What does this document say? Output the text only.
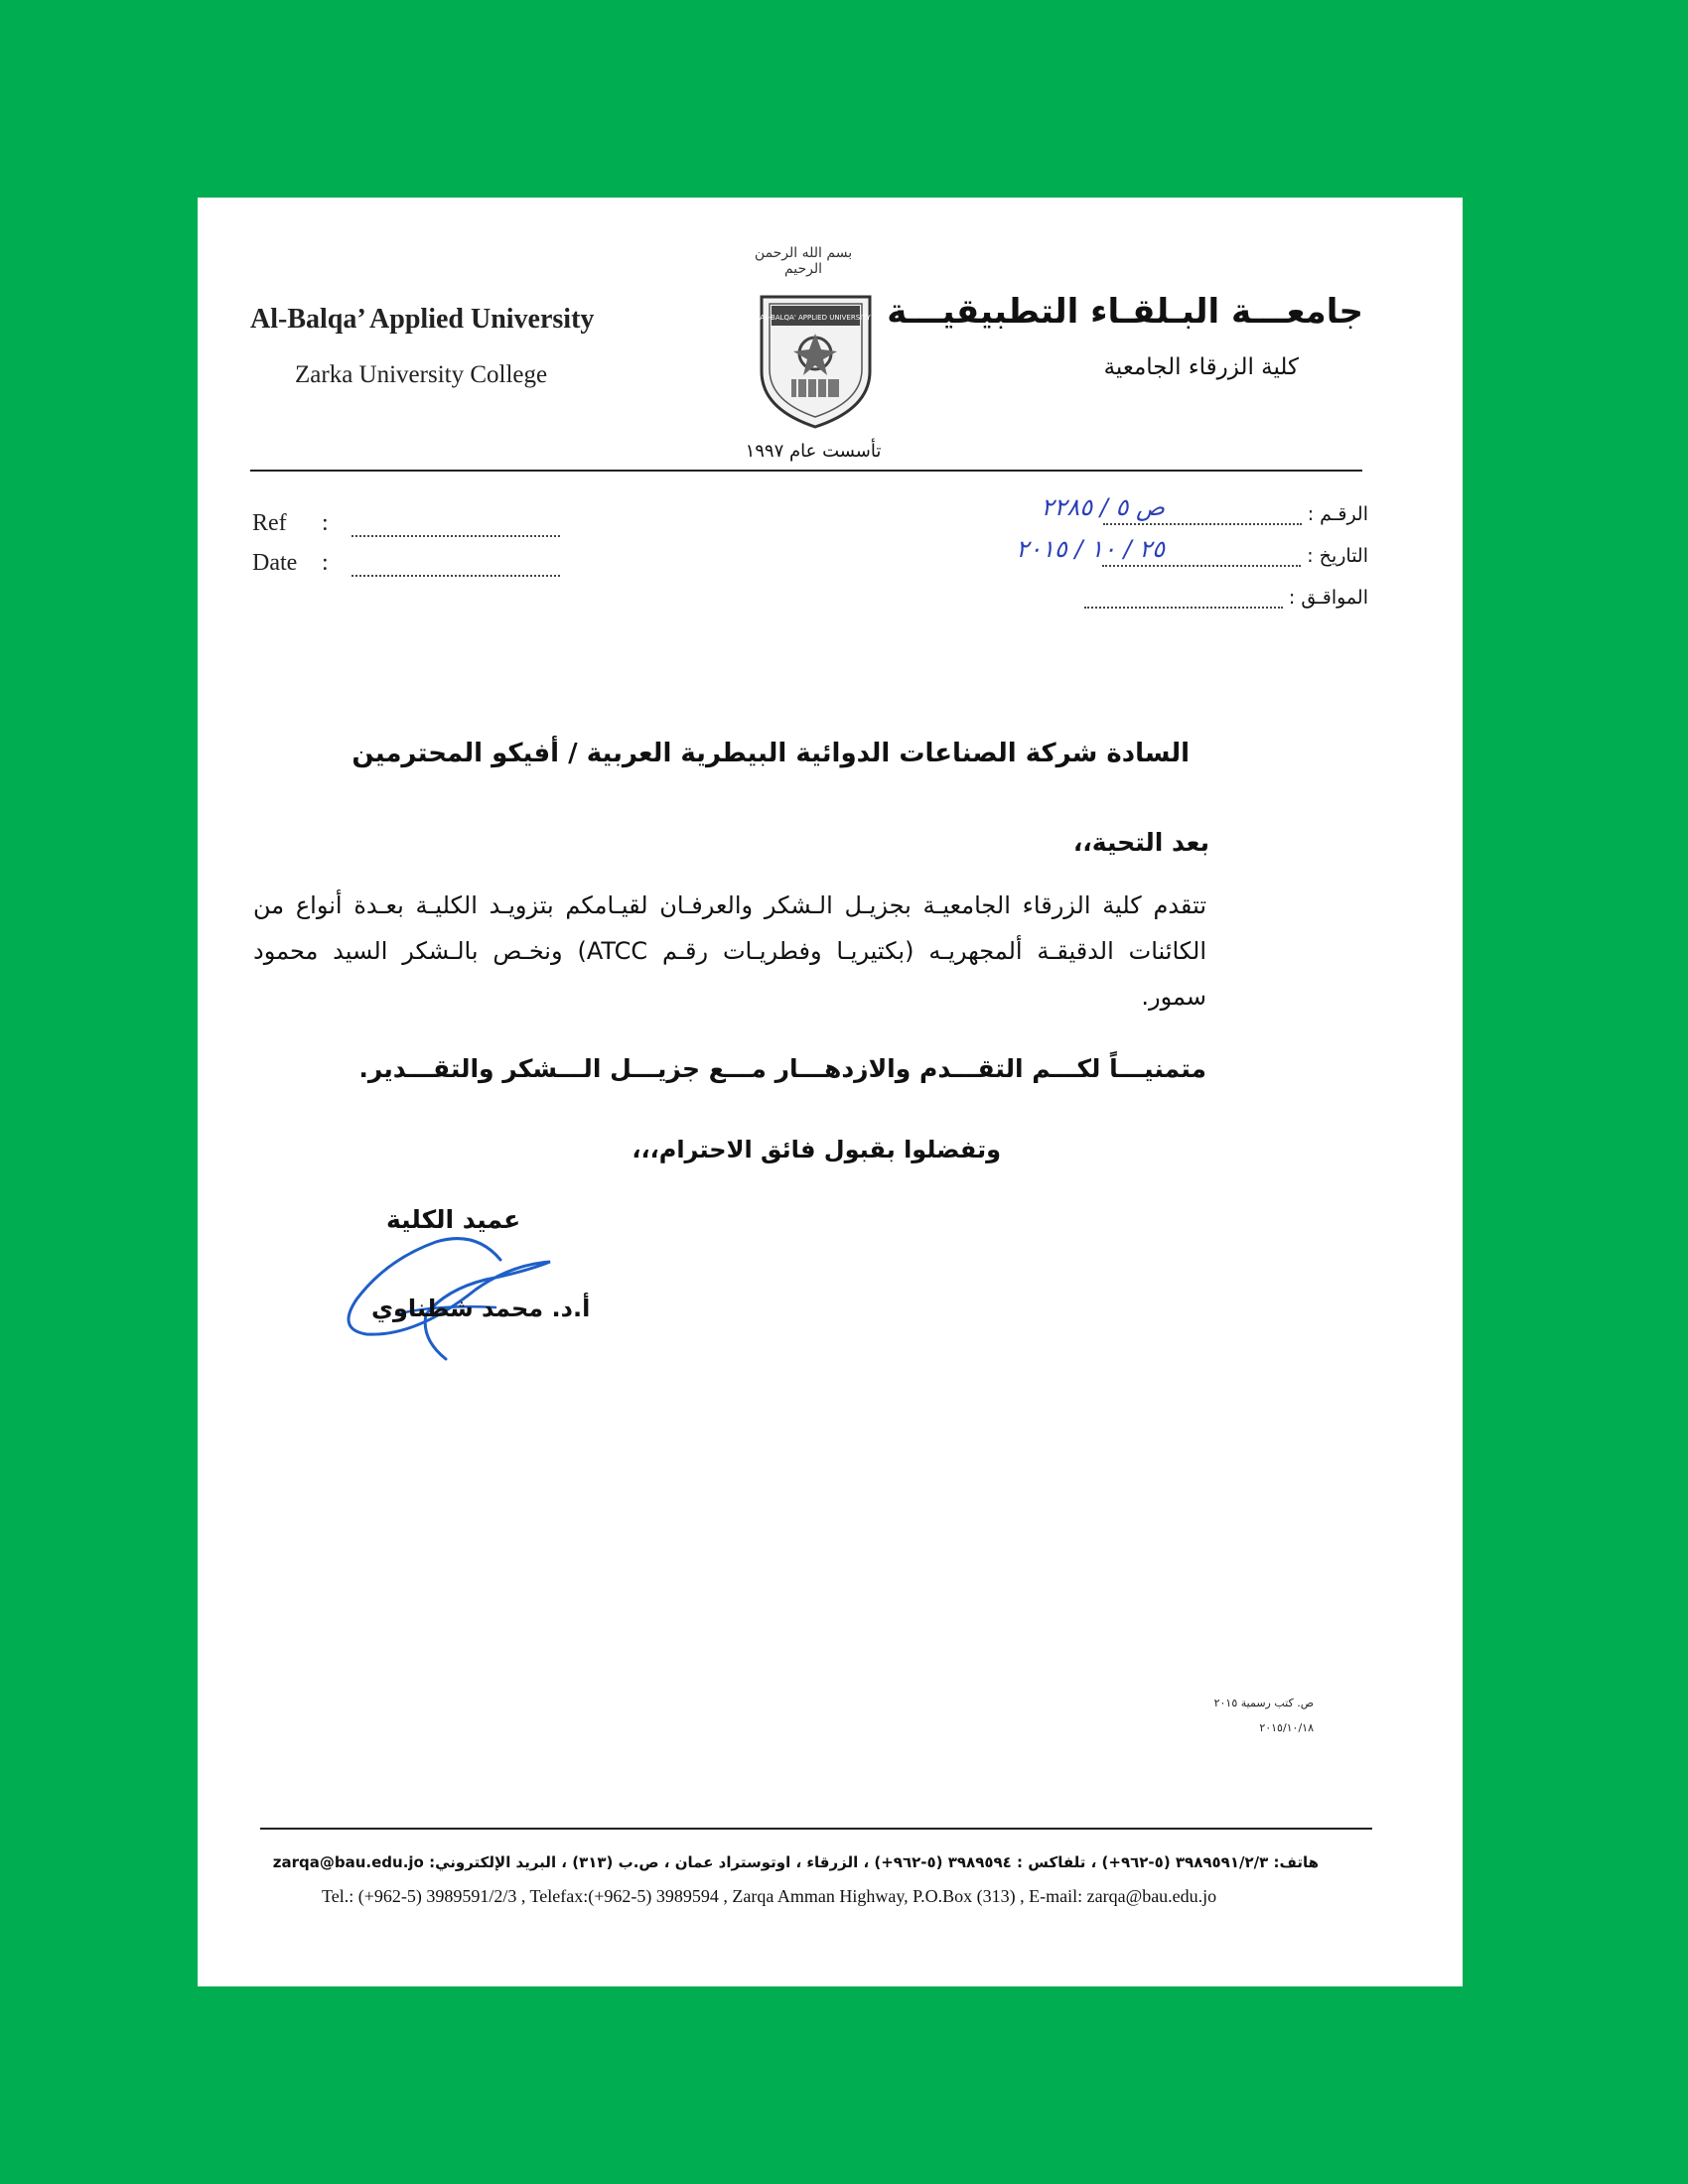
Al-Balqa’ Applied University
Zarka University College
جامعـــة البـلقـاء التطبيقيـــة
كلية الزرقاء الجامعية
بسم الله الرحمن الرحيم
AL-BALQA' APPLIED UNIVERSITY
تأسست عام ١٩٩٧
Ref	:
Date	:
الرقـم :
التاريخ :
المواقـق :
ص ٥ / ٢٢٨٥
٢٥ / ١٠ / ٢٠١٥
السادة شركة الصناعات الدوائية البيطرية العربية / أفيكو المحترمين
بعد التحية،،
تتقدم كلية الزرقاء الجامعيـة بجزيـل الـشكر والعرفـان لقيـامكم بتزويـد الكليـة بعـدة أنواع من الكائنات الدقيقـة ألمجهريـه (بكتيريـا وفطريـات رقـم ATCC) ونخـص بالـشكر السيد محمود سمور.
متمنيـــاً لكـــم التقـــدم والازدهـــار مـــع جزيـــل الـــشكر والتقـــدير.
وتفضلوا بقبول فائق الاحترام،،،
عميد الكلية
أ.د. محمد شطناوي
ص. كتب رسمية ٢٠١٥
٢٠١٥/١٠/١٨
هاتف: ٣٩٨٩٥٩١/٢/٣ (٥-٩٦٢+) ، تلفاكس : ٣٩٨٩٥٩٤ (٥-٩٦٢+) ، الزرقاء ، اوتوستراد عمان ، ص.ب (٣١٣) ، البريد الإلكتروني: zarqa@bau.edu.jo
Tel.: (+962-5) 3989591/2/3 , Telefax:(+962-5) 3989594 , Zarqa Amman Highway, P.O.Box (313) , E-mail: zarqa@bau.edu.jo
